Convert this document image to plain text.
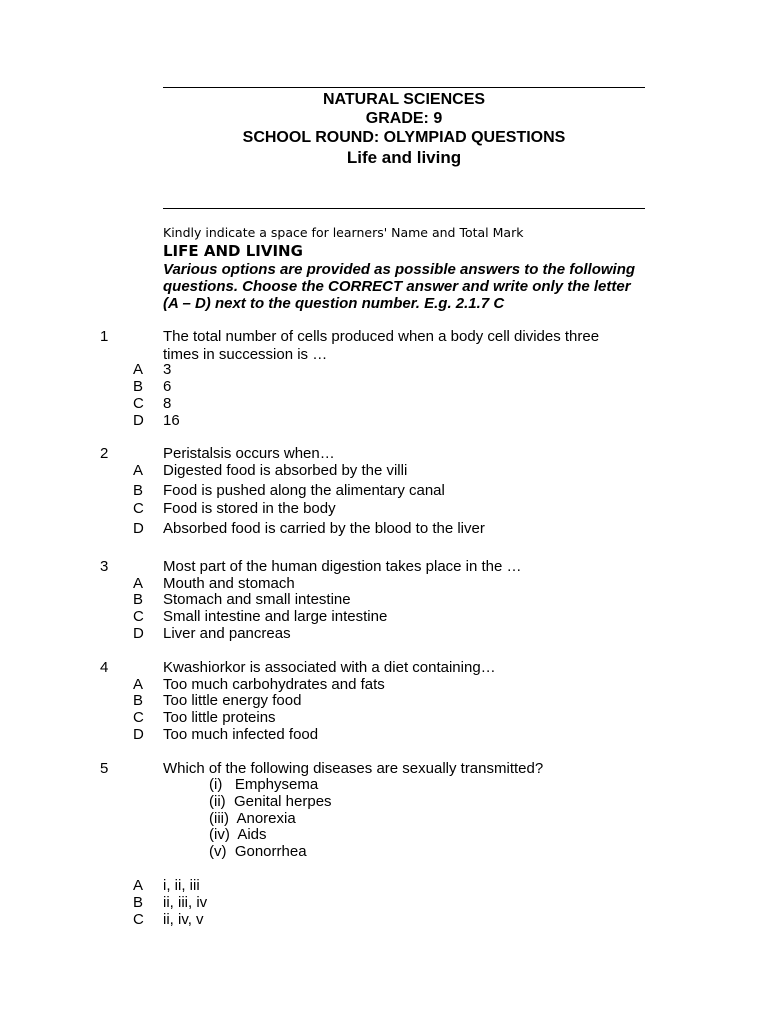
NATURAL SCIENCES
GRADE: 9
SCHOOL ROUND: OLYMPIAD QUESTIONS
Life and living
Kindly indicate a space for learners' Name and Total Mark
LIFE AND LIVING
Various options are provided as possible answers to the following questions. Choose the CORRECT answer and write only the letter (A – D) next to the question number. E.g. 2.1.7 C
1	The total number of cells produced when a body cell divides three times in succession is …
A 3
B 6
C 8
D 16
2	Peristalsis occurs when…
A Digested food is absorbed by the villi
B Food is pushed along the alimentary canal
C Food is stored in the body
D Absorbed food is carried by the blood to the liver
3	Most part of the human digestion takes place in the …
A Mouth and stomach
B Stomach and small intestine
C Small intestine and large intestine
D Liver and pancreas
4	Kwashiorkor is associated with a diet containing…
A Too much carbohydrates and fats
B Too little energy food
C Too little proteins
D Too much infected food
5	Which of the following diseases are sexually transmitted?
(i)   Emphysema
(ii)  Genital herpes
(iii)  Anorexia
(iv)  Aids
(v)  Gonorrhea
A i, ii, iii
B ii, iii, iv
C ii, iv, v
